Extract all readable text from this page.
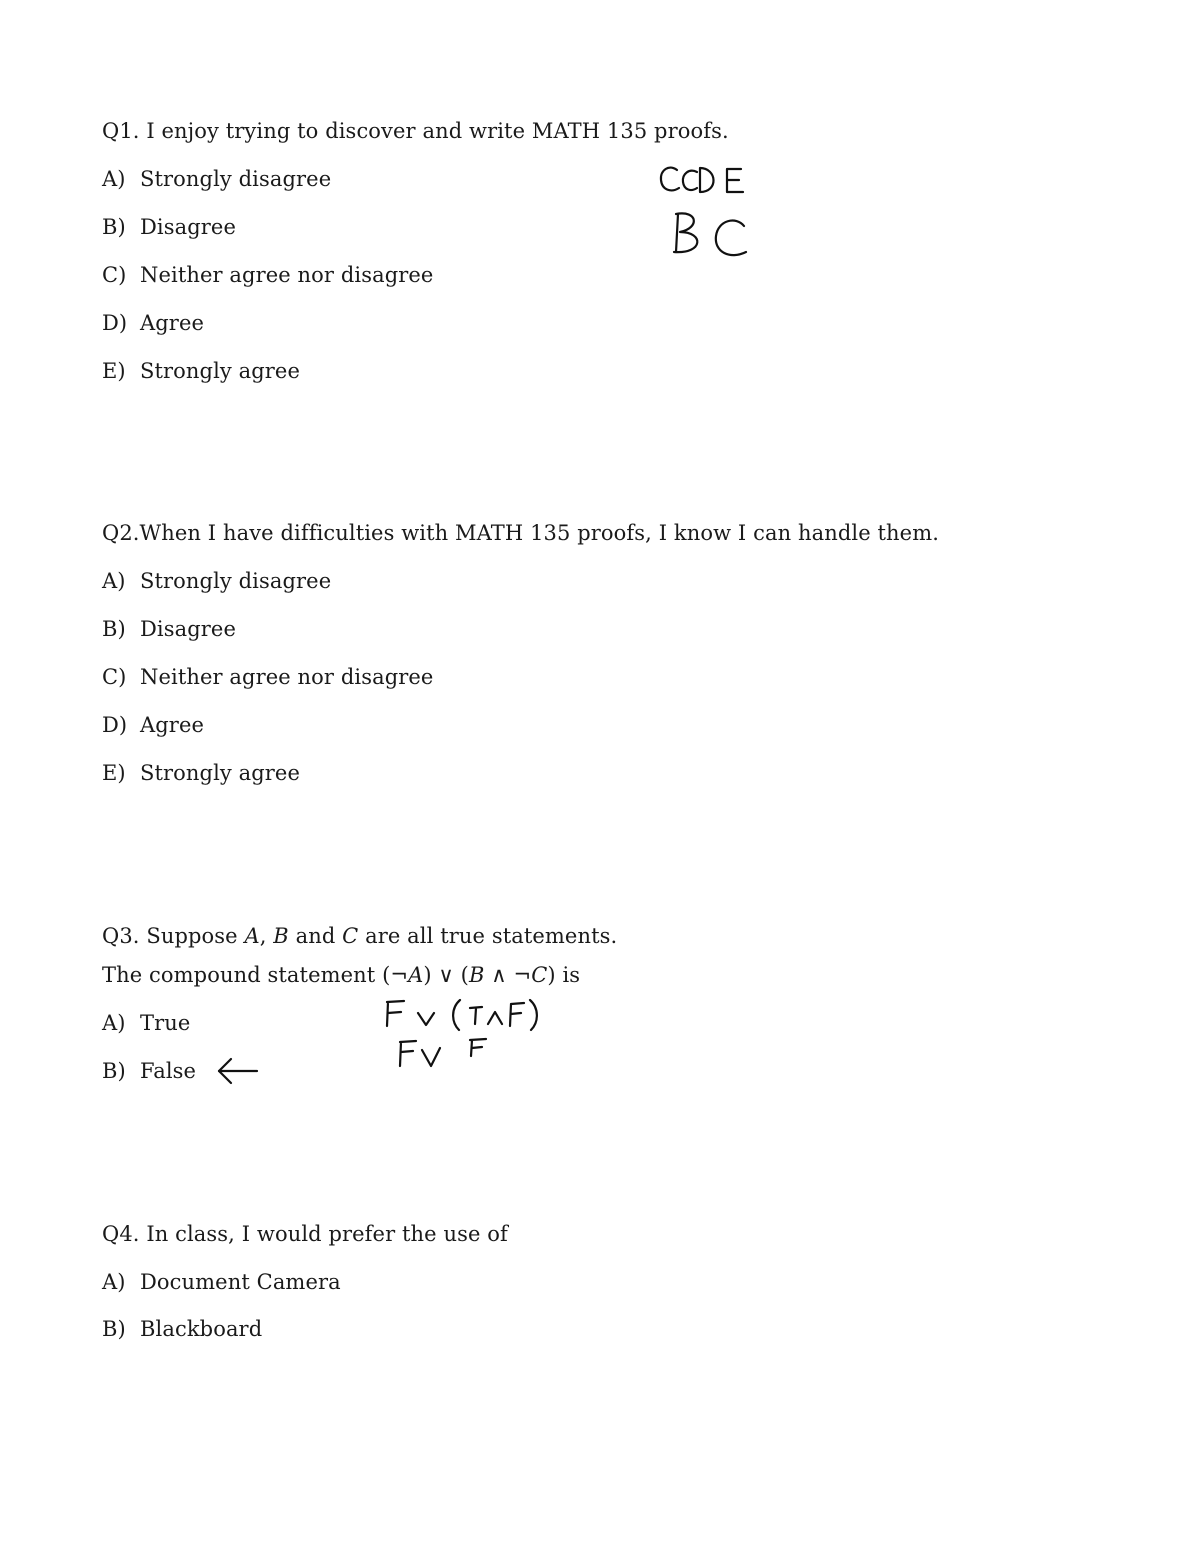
Q1. I enjoy trying to discover and write MATH 135 proofs.

A) Strongly disagree

B) Disagree

C) Neither agree nor disagree

D) Agree

E) Strongly agree

Q2.When I have difficulties with MATH 135 proofs, I know I can handle them.

A) Strongly disagree

B) Disagree

C) Neither agree nor disagree

D) Agree

E) Strongly agree

Q3. Suppose A, B and C are all true statements.

The compound statement (¬A) ∨ (B ∧ ¬C) is

A) True

B) False

Q4. In class, I would prefer the use of

A) Document Camera

B) Blackboard
